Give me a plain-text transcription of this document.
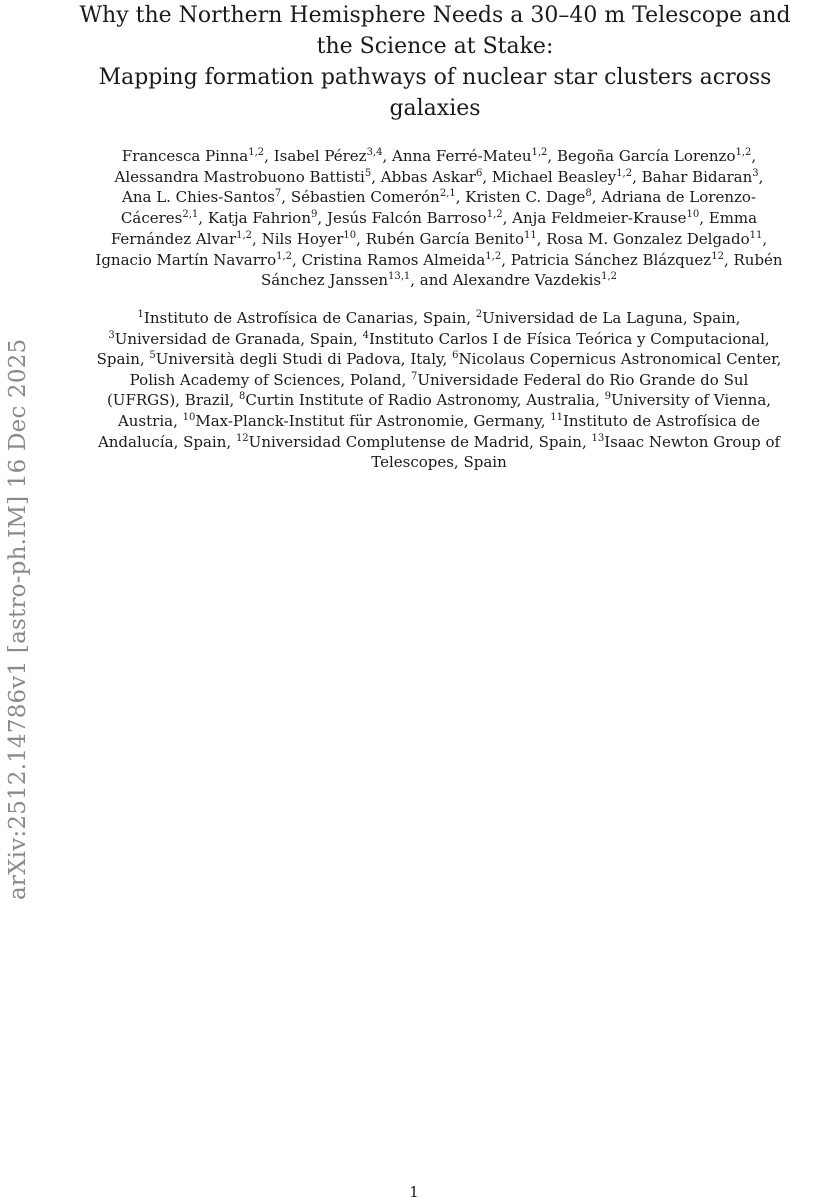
arXiv:2512.14786v1 [astro-ph.IM] 16 Dec 2025
Why the Northern Hemisphere Needs a 30–40 m Telescope and
the Science at Stake:
Mapping formation pathways of nuclear star clusters across
galaxies
Francesca Pinna$^{1,2}$, Isabel Pérez$^{3,4}$, Anna Ferré-Mateu$^{1,2}$, Begoña García Lorenzo$^{1,2}$,
Alessandra Mastrobuono Battisti$^5$, Abbas Askar$^6$, Michael Beasley$^{1,2}$, Bahar Bidaran$^3$,
Ana L. Chies-Santos$^7$, Sébastien Comerón$^{2,1}$, Kristen C. Dage$^8$, Adriana de Lorenzo-Cáceres$^{2,1}$, Katja Fahrion$^9$, Jesús Falcón Barroso$^{1,2}$, Anja Feldmeier-Krause$^{10}$, Emma Fernández Alvar$^{1,2}$, Nils Hoyer$^{10}$, Rubén García Benito$^{11}$, Rosa M. Gonzalez Delgado$^{11}$, Ignacio Martín Navarro$^{1,2}$, Cristina Ramos Almeida$^{1,2}$, Patricia Sánchez Blázquez$^{12}$, Rubén Sánchez Janssen$^{13,1}$, and Alexandre Vazdekis$^{1,2}$
$^1$Instituto de Astrofísica de Canarias, Spain, $^2$Universidad de La Laguna, Spain, $^3$Universidad de Granada, Spain, $^4$Instituto Carlos I de Física Teórica y Computacional, Spain, $^5$Università degli Studi di Padova, Italy, $^6$Nicolaus Copernicus Astronomical Center, Polish Academy of Sciences, Poland, $^7$Universidade Federal do Rio Grande do Sul (UFRGS), Brazil, $^8$Curtin Institute of Radio Astronomy, Australia, $^9$University of Vienna, Austria, $^{10}$Max-Planck-Institut für Astronomie, Germany, $^{11}$Instituto de Astrofísica de Andalucía, Spain, $^{12}$Universidad Complutense de Madrid, Spain, $^{13}$Isaac Newton Group of Telescopes, Spain
1
